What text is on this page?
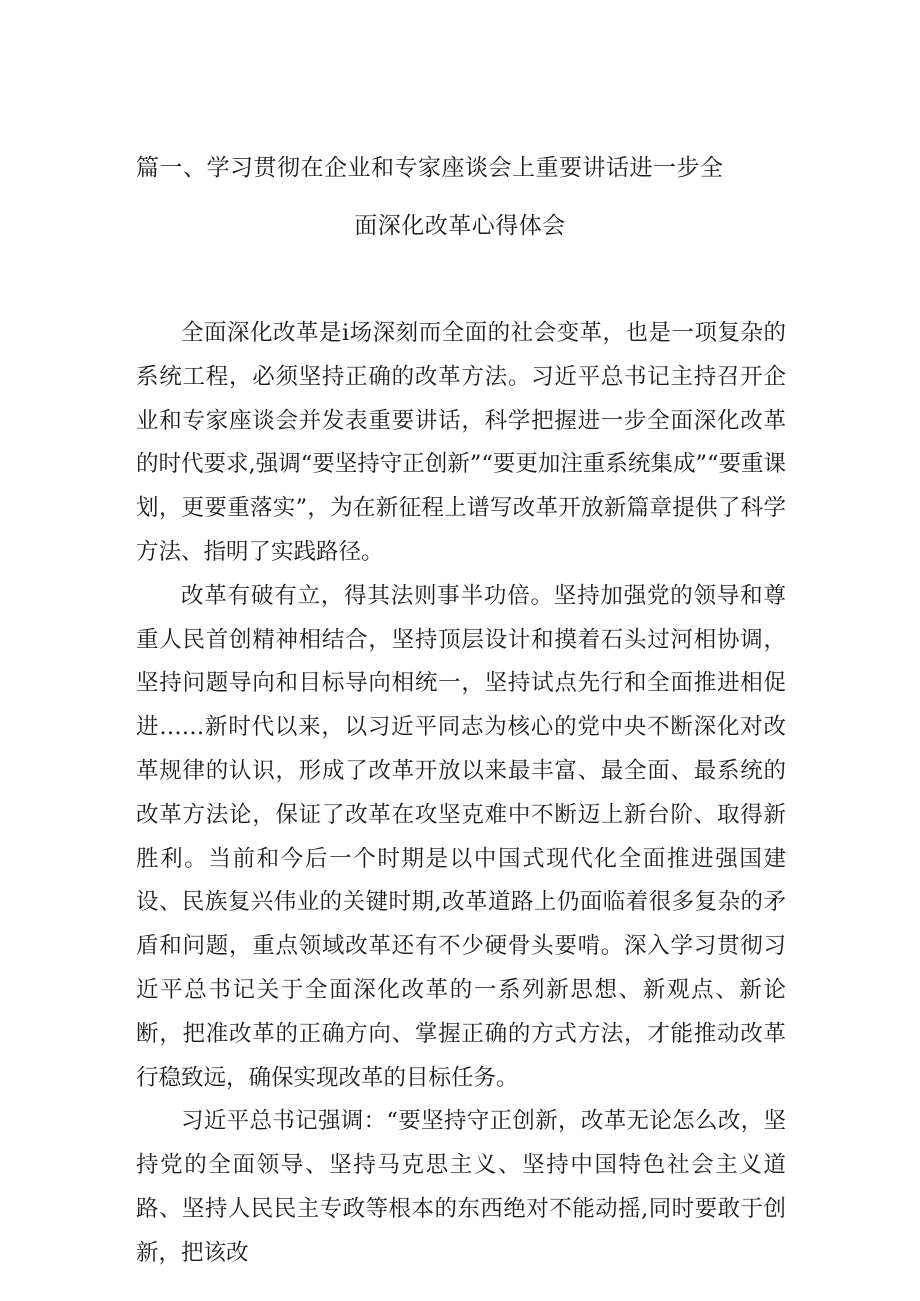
篇一、学习贯彻在企业和专家座谈会上重要讲话进一步全
面深化改革心得体会

全面深化改革是i场深刻而全面的社会变革，也是一项复杂的系统工程，必须坚持正确的改革方法。习近平总书记主持召开企业和专家座谈会并发表重要讲话，科学把握进一步全面深化改革的时代要求,强调“要坚持守正创新”“要更加注重系统集成”“要重课划，更要重落实”，为在新征程上谱写改革开放新篇章提供了科学方法、指明了实践路径。

改革有破有立，得其法则事半功倍。坚持加强党的领导和尊重人民首创精神相结合，坚持顶层设计和摸着石头过河相协调，坚持问题导向和目标导向相统一，坚持试点先行和全面推进相促进……新时代以来，以习近平同志为核心的党中央不断深化对改革规律的认识，形成了改革开放以来最丰富、最全面、最系统的改革方法论，保证了改革在攻坚克难中不断迈上新台阶、取得新胜利。当前和今后一个时期是以中国式现代化全面推进强国建设、民族复兴伟业的关键时期,改革道路上仍面临着很多复杂的矛盾和问题，重点领域改革还有不少硬骨头要啃。深入学习贯彻习近平总书记关于全面深化改革的一系列新思想、新观点、新论断，把准改革的正确方向、掌握正确的方式方法，才能推动改革行稳致远，确保实现改革的目标任务。

习近平总书记强调：“要坚持守正创新，改革无论怎么改，坚持党的全面领导、坚持马克思主义、坚持中国特色社会主义道路、坚持人民民主专政等根本的东西绝对不能动摇,同时要敢于创新，把该改
